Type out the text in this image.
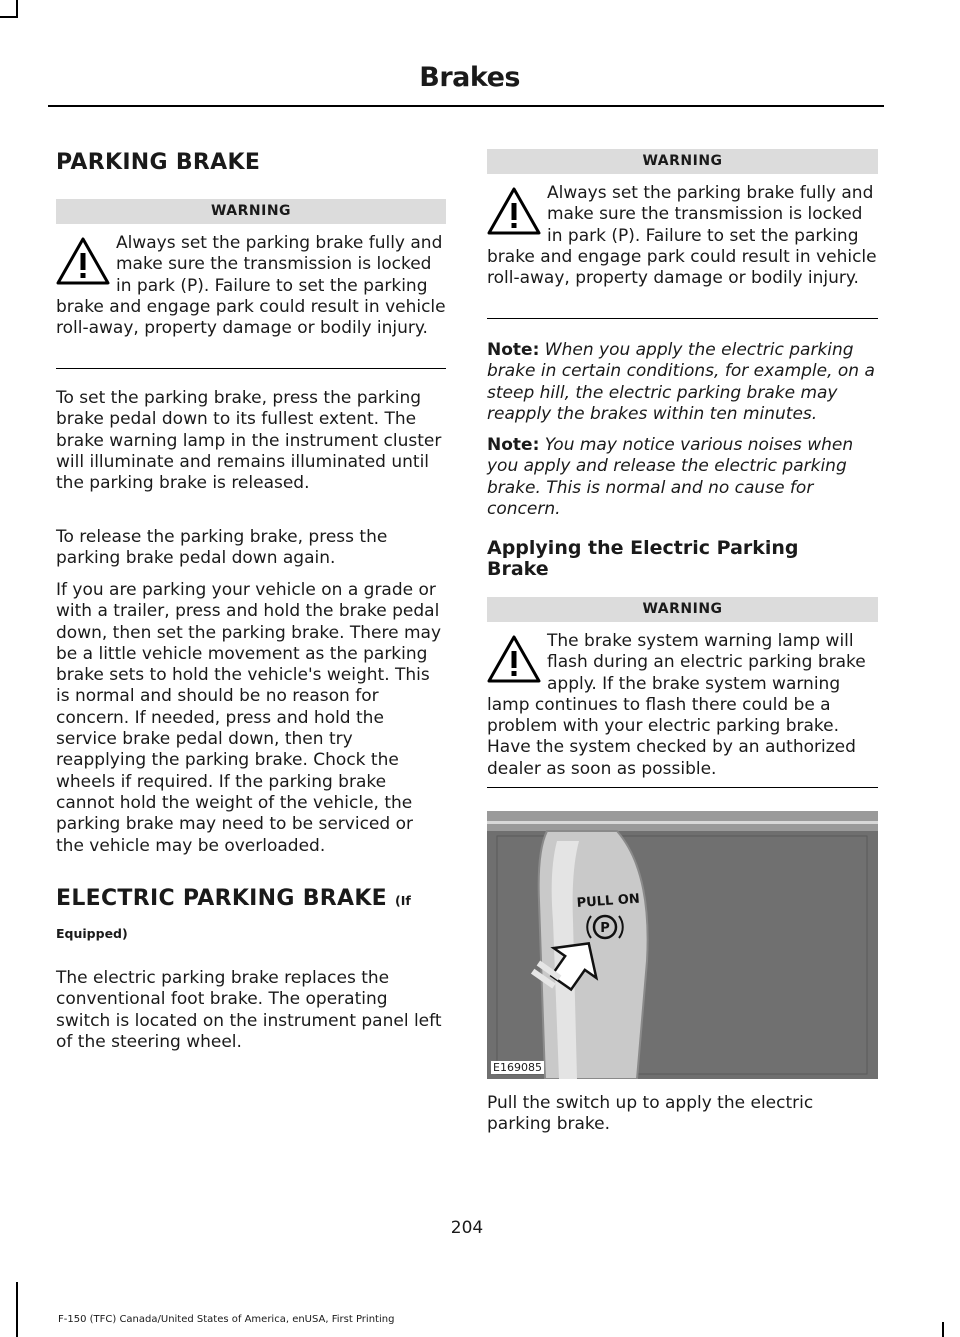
Brakes
PARKING BRAKE
WARNING
Always set the parking brake fully and make sure the transmission is locked in park (P). Failure to set the parking brake and engage park could result in vehicle roll-away, property damage or bodily injury.

To set the parking brake, press the parking brake pedal down to its fullest extent. The brake warning lamp in the instrument cluster will illuminate and remains illuminated until the parking brake is released.

To release the parking brake, press the parking brake pedal down again.

If you are parking your vehicle on a grade or with a trailer, press and hold the brake pedal down, then set the parking brake. There may be a little vehicle movement as the parking brake sets to hold the vehicle's weight. This is normal and should be no reason for concern. If needed, press and hold the service brake pedal down, then try reapplying the parking brake. Chock the wheels if required. If the parking brake cannot hold the weight of the vehicle, the parking brake may need to be serviced or the vehicle may be overloaded.

ELECTRIC PARKING BRAKE (If
Equipped)

The electric parking brake replaces the conventional foot brake. The operating switch is located on the instrument panel left of the steering wheel.

WARNING
Always set the parking brake fully and make sure the transmission is locked in park (P). Failure to set the parking brake and engage park could result in vehicle roll-away, property damage or bodily injury.

Note: When you apply the electric parking brake in certain conditions, for example, on a steep hill, the electric parking brake may reapply the brakes within ten minutes.

Note: You may notice various noises when you apply and release the electric parking brake. This is normal and no cause for concern.

Applying the Electric Parking Brake
WARNING
The brake system warning lamp will flash during an electric parking brake apply. If the brake system warning lamp continues to flash there could be a problem with your electric parking brake. Have the system checked by an authorized dealer as soon as possible.
PULL ON
P
E169085

Pull the switch up to apply the electric parking brake.

204
F-150 (TFC) Canada/United States of America, enUSA, First Printing
